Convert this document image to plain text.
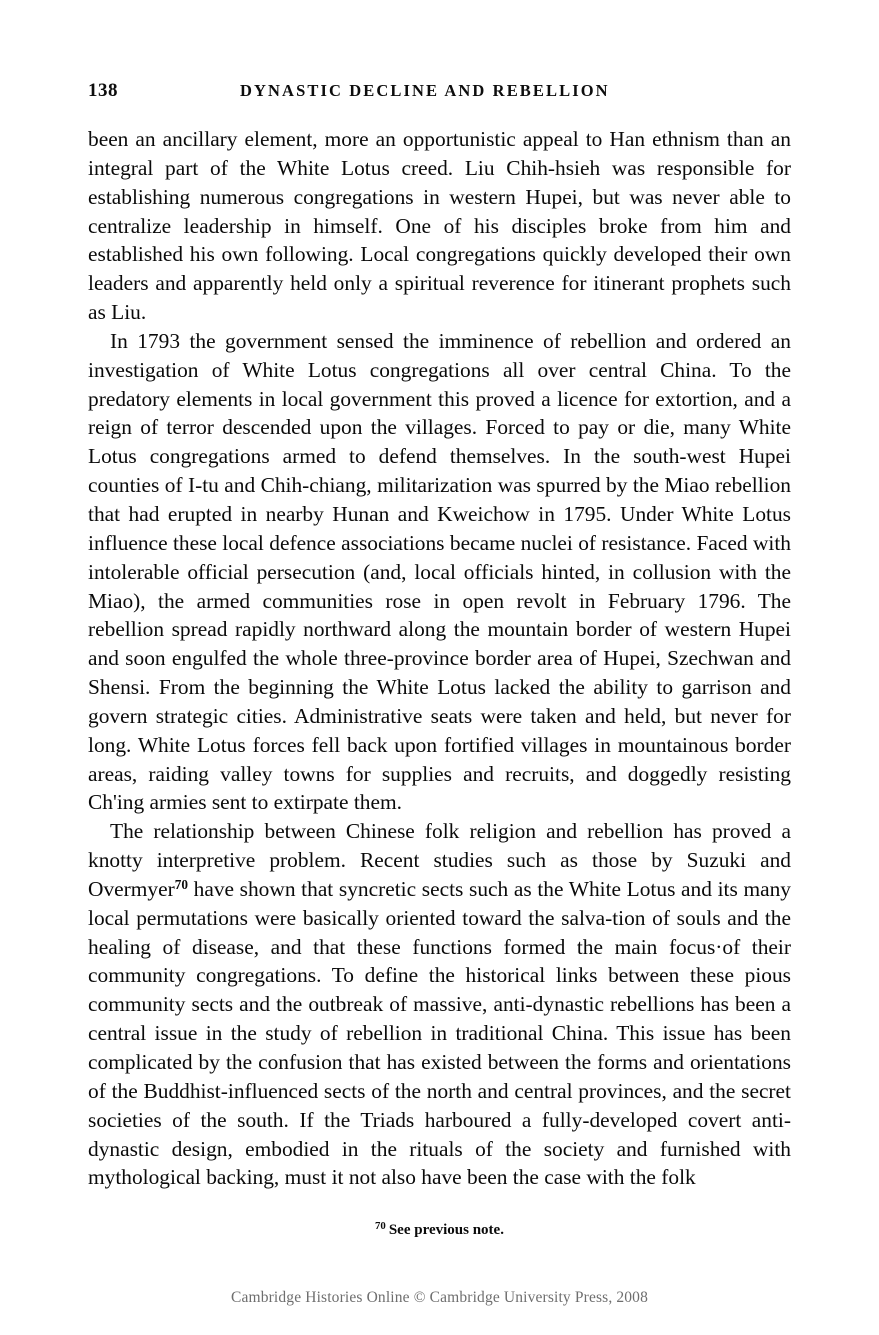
138	DYNASTIC DECLINE AND REBELLION

been an ancillary element, more an opportunistic appeal to Han ethnism than an integral part of the White Lotus creed. Liu Chih-hsieh was responsible for establishing numerous congregations in western Hupei, but was never able to centralize leadership in himself. One of his disciples broke from him and established his own following. Local congregations quickly developed their own leaders and apparently held only a spiritual reverence for itinerant prophets such as Liu.

In 1793 the government sensed the imminence of rebellion and ordered an investigation of White Lotus congregations all over central China. To the predatory elements in local government this proved a licence for extortion, and a reign of terror descended upon the villages. Forced to pay or die, many White Lotus congregations armed to defend themselves. In the south-west Hupei counties of I-tu and Chih-chiang, militarization was spurred by the Miao rebellion that had erupted in nearby Hunan and Kweichow in 1795. Under White Lotus influence these local defence associations became nuclei of resistance. Faced with intolerable official persecution (and, local officials hinted, in collusion with the Miao), the armed communities rose in open revolt in February 1796. The rebellion spread rapidly northward along the mountain border of western Hupei and soon engulfed the whole three-province border area of Hupei, Szechwan and Shensi. From the beginning the White Lotus lacked the ability to garrison and govern strategic cities. Administrative seats were taken and held, but never for long. White Lotus forces fell back upon fortified villages in mountainous border areas, raiding valley towns for supplies and recruits, and doggedly resisting Ch'ing armies sent to extirpate them.

The relationship between Chinese folk religion and rebellion has proved a knotty interpretive problem. Recent studies such as those by Suzuki and Overmyer$^{70}$ have shown that syncretic sects such as the White Lotus and its many local permutations were basically oriented toward the salva-tion of souls and the healing of disease, and that these functions formed the main focus·of their community congregations. To define the historical links between these pious community sects and the outbreak of massive, anti-dynastic rebellions has been a central issue in the study of rebellion in traditional China. This issue has been complicated by the confusion that has existed between the forms and orientations of the Buddhist-influenced sects of the north and central provinces, and the secret societies of the south. If the Triads harboured a fully-developed covert anti-dynastic design, embodied in the rituals of the society and furnished with mythological backing, must it not also have been the case with the folk

$^{70}$ See previous note.
Cambridge Histories Online © Cambridge University Press, 2008
